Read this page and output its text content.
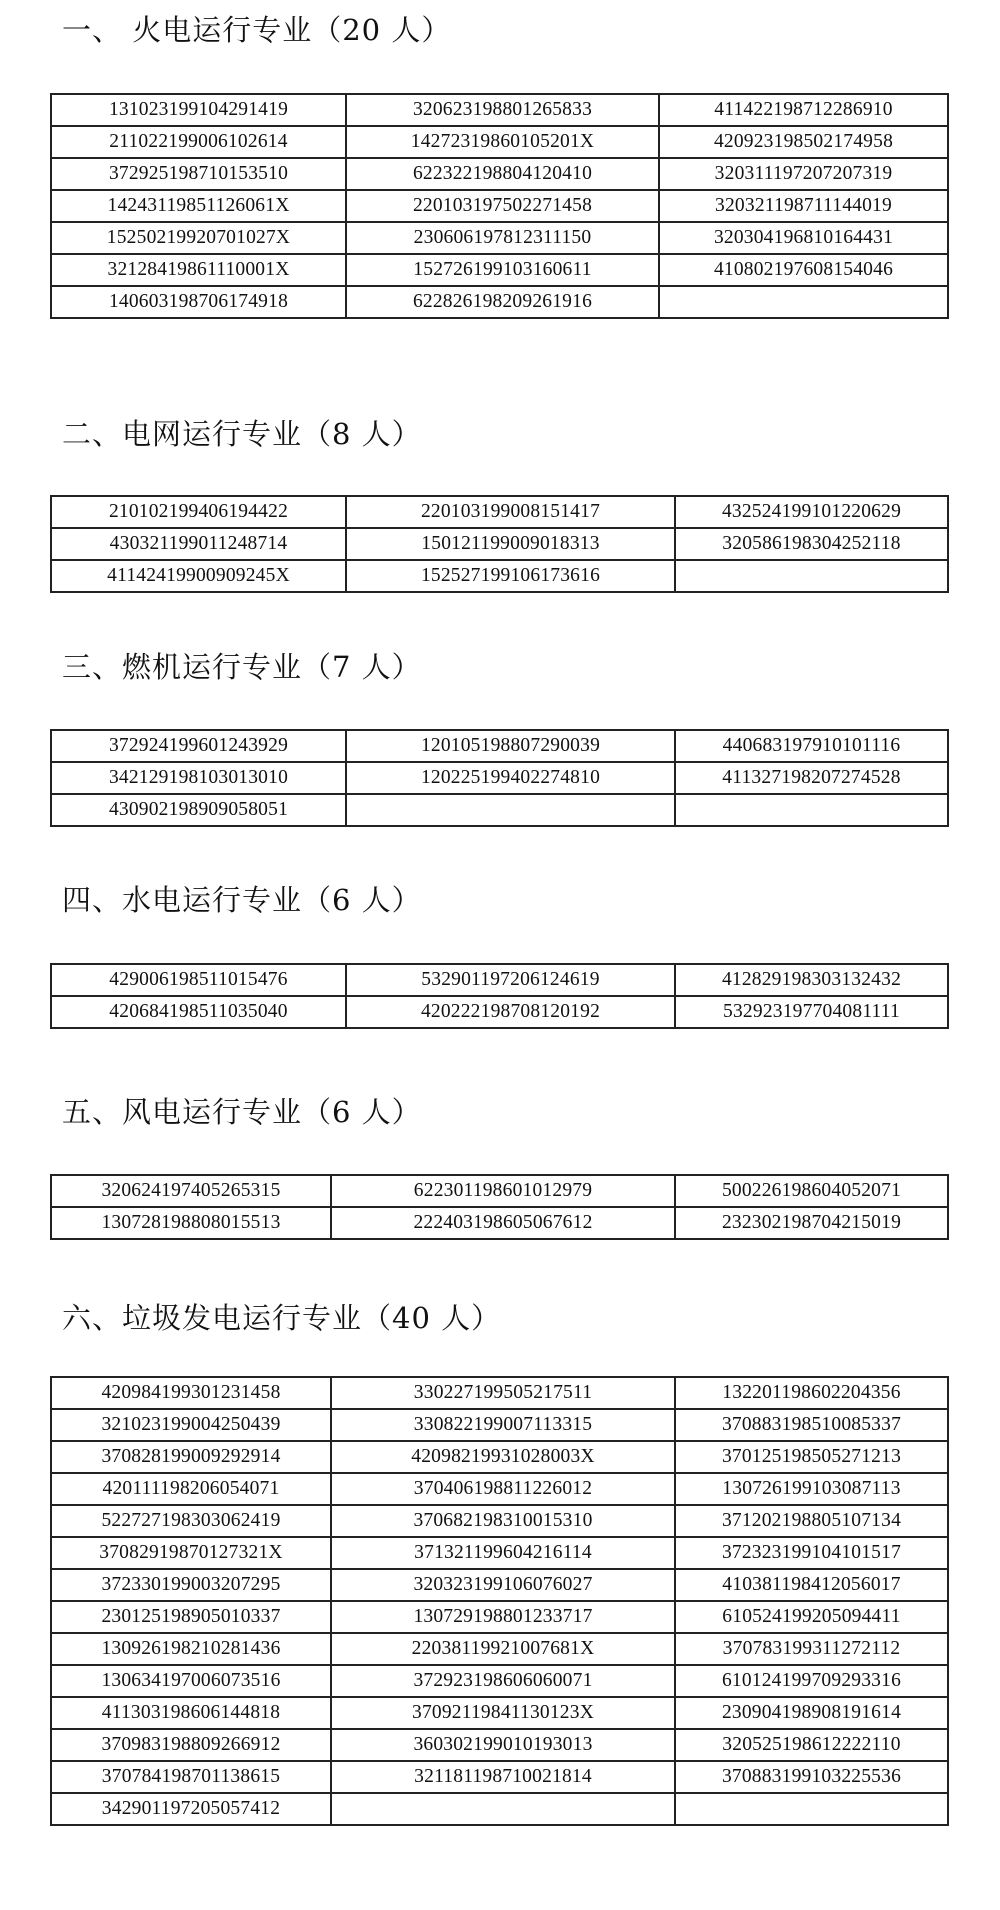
一、 火电运行专业（20 人）
131023199104291419	320623198801265833	411422198712286910
211022199006102614	14272319860105201X	420923198502174958
372925198710153510	622322198804120410	320311197207207319
14243119851126061X	220103197502271458	320321198711144019
15250219920701027X	230606197812311150	320304196810164431
32128419861110001X	152726199103160611	410802197608154046
140603198706174918	622826198209261916	
二、电网运行专业（8 人）
210102199406194422	220103199008151417	432524199101220629
430321199011248714	150121199009018313	320586198304252118
41142419900909245X	152527199106173616	
三、燃机运行专业（7 人）
372924199601243929	120105198807290039	440683197910101116
342129198103013010	120225199402274810	411327198207274528
430902198909058051		
四、水电运行专业（6 人）
429006198511015476	532901197206124619	412829198303132432
420684198511035040	420222198708120192	532923197704081111
五、风电运行专业（6 人）
320624197405265315	622301198601012979	500226198604052071
130728198808015513	222403198605067612	232302198704215019
六、垃圾发电运行专业（40 人）
420984199301231458	330227199505217511	132201198602204356
321023199004250439	330822199007113315	370883198510085337
370828199009292914	42098219931028003X	370125198505271213
420111198206054071	370406198811226012	130726199103087113
522727198303062419	370682198310015310	371202198805107134
37082919870127321X	371321199604216114	372323199104101517
372330199003207295	320323199106076027	410381198412056017
230125198905010337	130729198801233717	610524199205094411
130926198210281436	22038119921007681X	370783199311272112
130634197006073516	372923198606060071	610124199709293316
411303198606144818	37092119841130123X	230904198908191614
370983198809266912	360302199010193013	320525198612222110
370784198701138615	321181198710021814	370883199103225536
342901197205057412		
